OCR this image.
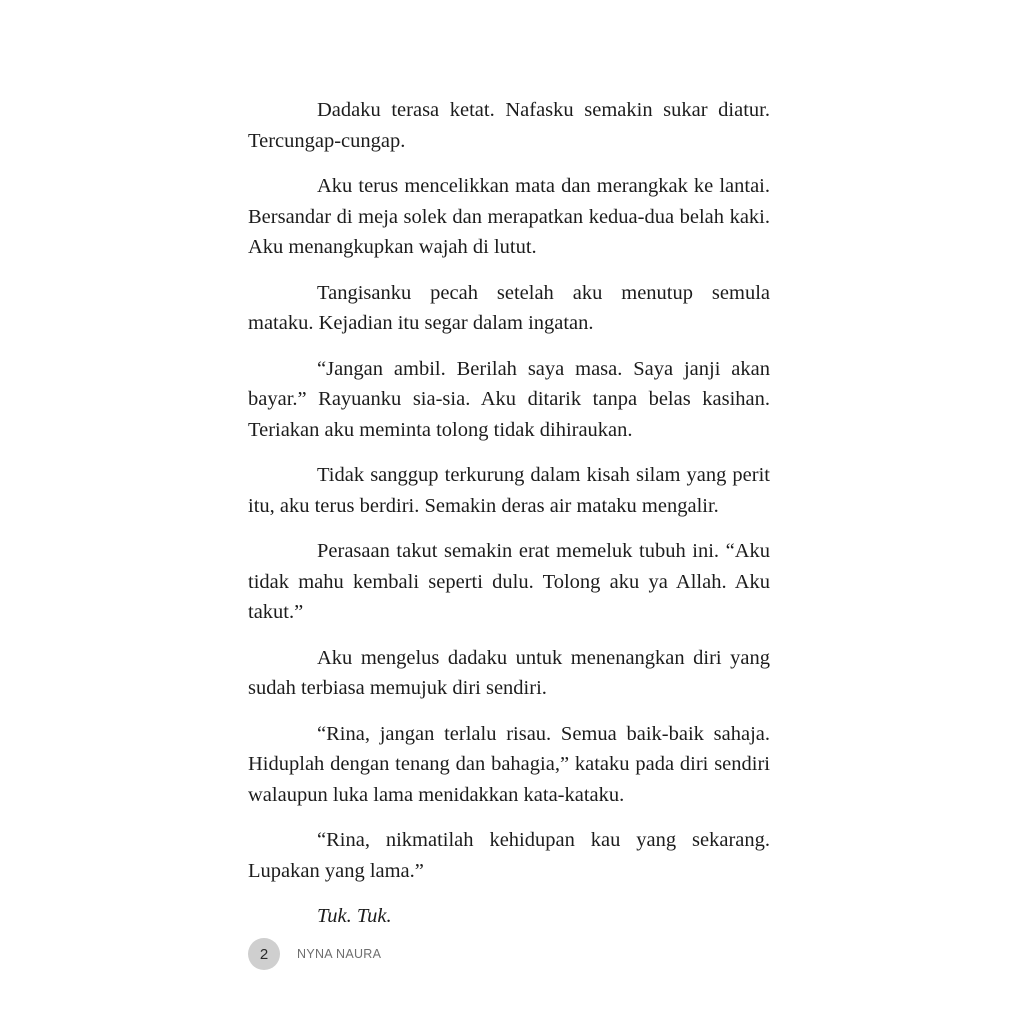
Dadaku terasa ketat. Nafasku semakin sukar diatur. Tercungap-cungap.

Aku terus mencelikkan mata dan merangkak ke lantai. Bersandar di meja solek dan merapatkan kedua-dua belah kaki. Aku menangkupkan wajah di lutut.

Tangisanku pecah setelah aku menutup semula mataku. Kejadian itu segar dalam ingatan.

“Jangan ambil. Berilah saya masa. Saya janji akan bayar.” Rayuanku sia-sia. Aku ditarik tanpa belas kasihan. Teriakan aku meminta tolong tidak dihiraukan.

Tidak sanggup terkurung dalam kisah silam yang perit itu, aku terus berdiri. Semakin deras air mataku mengalir.

Perasaan takut semakin erat memeluk tubuh ini. “Aku tidak mahu kembali seperti dulu. Tolong aku ya Allah. Aku takut.”

Aku mengelus dadaku untuk menenangkan diri yang sudah terbiasa memujuk diri sendiri.

“Rina, jangan terlalu risau. Semua baik-baik sahaja. Hiduplah dengan tenang dan bahagia,” kataku pada diri sendiri walaupun luka lama menidakkan kata-kataku.

“Rina, nikmatilah kehidupan kau yang sekarang. Lupakan yang lama.”

Tuk. Tuk.

2	NYNA NAURA
